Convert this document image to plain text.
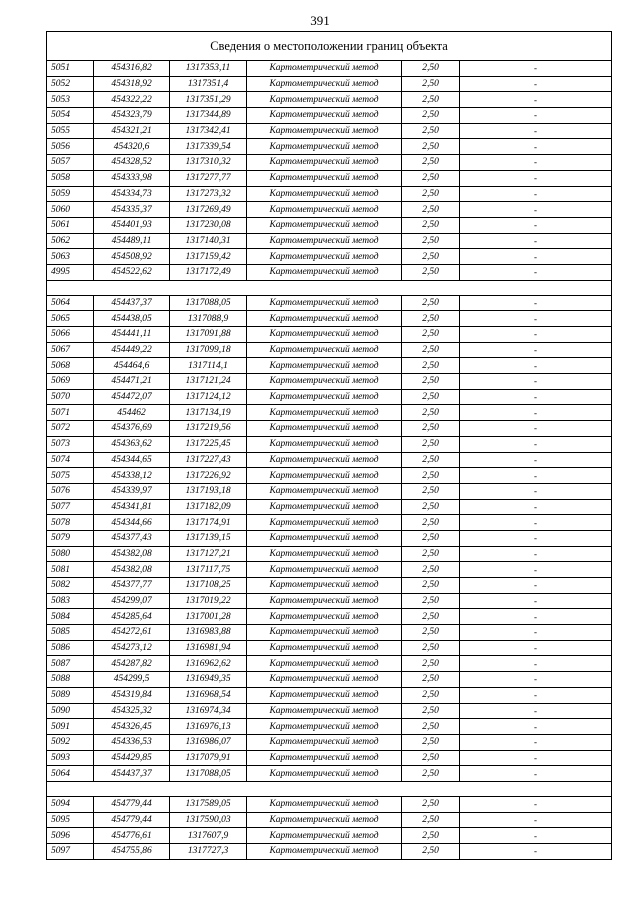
391
Сведения о местоположении границ объекта					
5051	454316,82	1317353,11	Картометрический метод	2,50	-
5052	454318,92	1317351,4	Картометрический метод	2,50	-
5053	454322,22	1317351,29	Картометрический метод	2,50	-
5054	454323,79	1317344,89	Картометрический метод	2,50	-
5055	454321,21	1317342,41	Картометрический метод	2,50	-
5056	454320,6	1317339,54	Картометрический метод	2,50	-
5057	454328,52	1317310,32	Картометрический метод	2,50	-
5058	454333,98	1317277,77	Картометрический метод	2,50	-
5059	454334,73	1317273,32	Картометрический метод	2,50	-
5060	454335,37	1317269,49	Картометрический метод	2,50	-
5061	454401,93	1317230,08	Картометрический метод	2,50	-
5062	454489,11	1317140,31	Картометрический метод	2,50	-
5063	454508,92	1317159,42	Картометрический метод	2,50	-
4995	454522,62	1317172,49	Картометрический метод	2,50	-

5064	454437,37	1317088,05	Картометрический метод	2,50	-
5065	454438,05	1317088,9	Картометрический метод	2,50	-
5066	454441,11	1317091,88	Картометрический метод	2,50	-
5067	454449,22	1317099,18	Картометрический метод	2,50	-
5068	454464,6	1317114,1	Картометрический метод	2,50	-
5069	454471,21	1317121,24	Картометрический метод	2,50	-
5070	454472,07	1317124,12	Картометрический метод	2,50	-
5071	454462	1317134,19	Картометрический метод	2,50	-
5072	454376,69	1317219,56	Картометрический метод	2,50	-
5073	454363,62	1317225,45	Картометрический метод	2,50	-
5074	454344,65	1317227,43	Картометрический метод	2,50	-
5075	454338,12	1317226,92	Картометрический метод	2,50	-
5076	454339,97	1317193,18	Картометрический метод	2,50	-
5077	454341,81	1317182,09	Картометрический метод	2,50	-
5078	454344,66	1317174,91	Картометрический метод	2,50	-
5079	454377,43	1317139,15	Картометрический метод	2,50	-
5080	454382,08	1317127,21	Картометрический метод	2,50	-
5081	454382,08	1317117,75	Картометрический метод	2,50	-
5082	454377,77	1317108,25	Картометрический метод	2,50	-
5083	454299,07	1317019,22	Картометрический метод	2,50	-
5084	454285,64	1317001,28	Картометрический метод	2,50	-
5085	454272,61	1316983,88	Картометрический метод	2,50	-
5086	454273,12	1316981,94	Картометрический метод	2,50	-
5087	454287,82	1316962,62	Картометрический метод	2,50	-
5088	454299,5	1316949,35	Картометрический метод	2,50	-
5089	454319,84	1316968,54	Картометрический метод	2,50	-
5090	454325,32	1316974,34	Картометрический метод	2,50	-
5091	454326,45	1316976,13	Картометрический метод	2,50	-
5092	454336,53	1316986,07	Картометрический метод	2,50	-
5093	454429,85	1317079,91	Картометрический метод	2,50	-
5064	454437,37	1317088,05	Картометрический метод	2,50	-

5094	454779,44	1317589,05	Картометрический метод	2,50	-
5095	454779,44	1317590,03	Картометрический метод	2,50	-
5096	454776,61	1317607,9	Картометрический метод	2,50	-
5097	454755,86	1317727,3	Картометрический метод	2,50	-
